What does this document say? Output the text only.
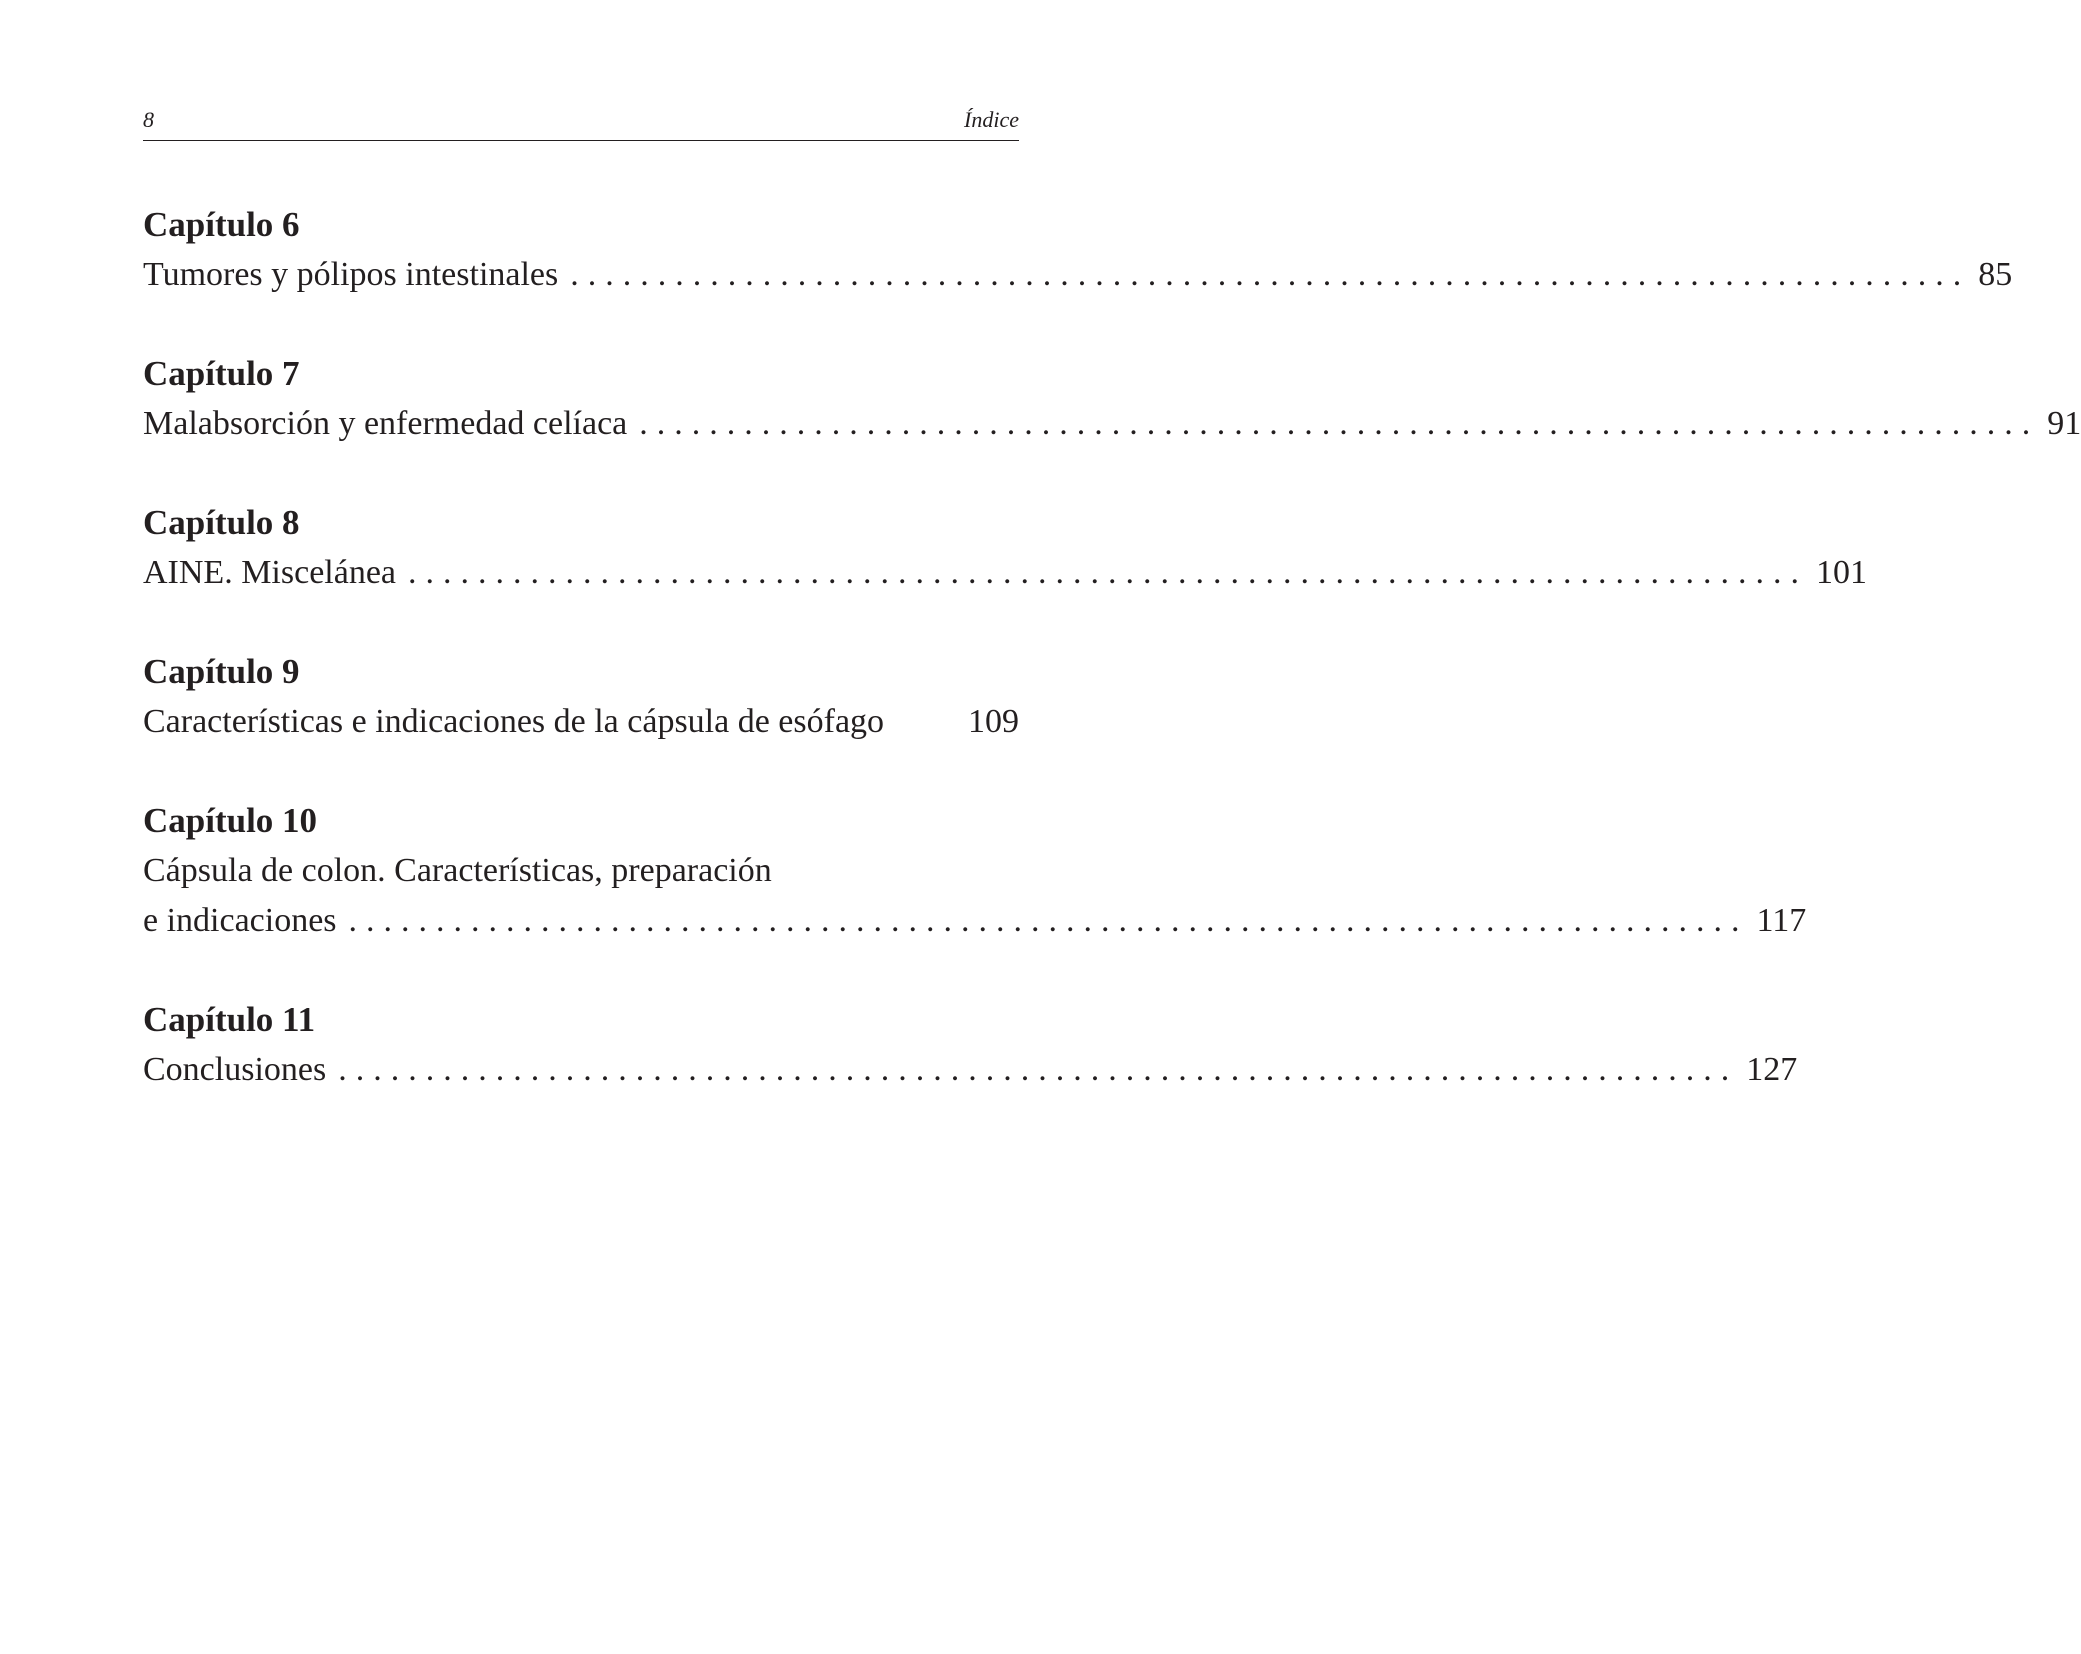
8	Índice
Capítulo 6
Tumores y pólipos intestinales ................................................................................ 85
Capítulo 7
Malabsorción y enfermedad celíaca ................................................................................ 91
Capítulo 8
AINE. Miscelánea ................................................................................ 101
Capítulo 9
Características e indicaciones de la cápsula de esófago 109
Capítulo 10
Cápsula de colon. Características, preparación
e indicaciones ................................................................................ 117
Capítulo 11
Conclusiones ................................................................................ 127
